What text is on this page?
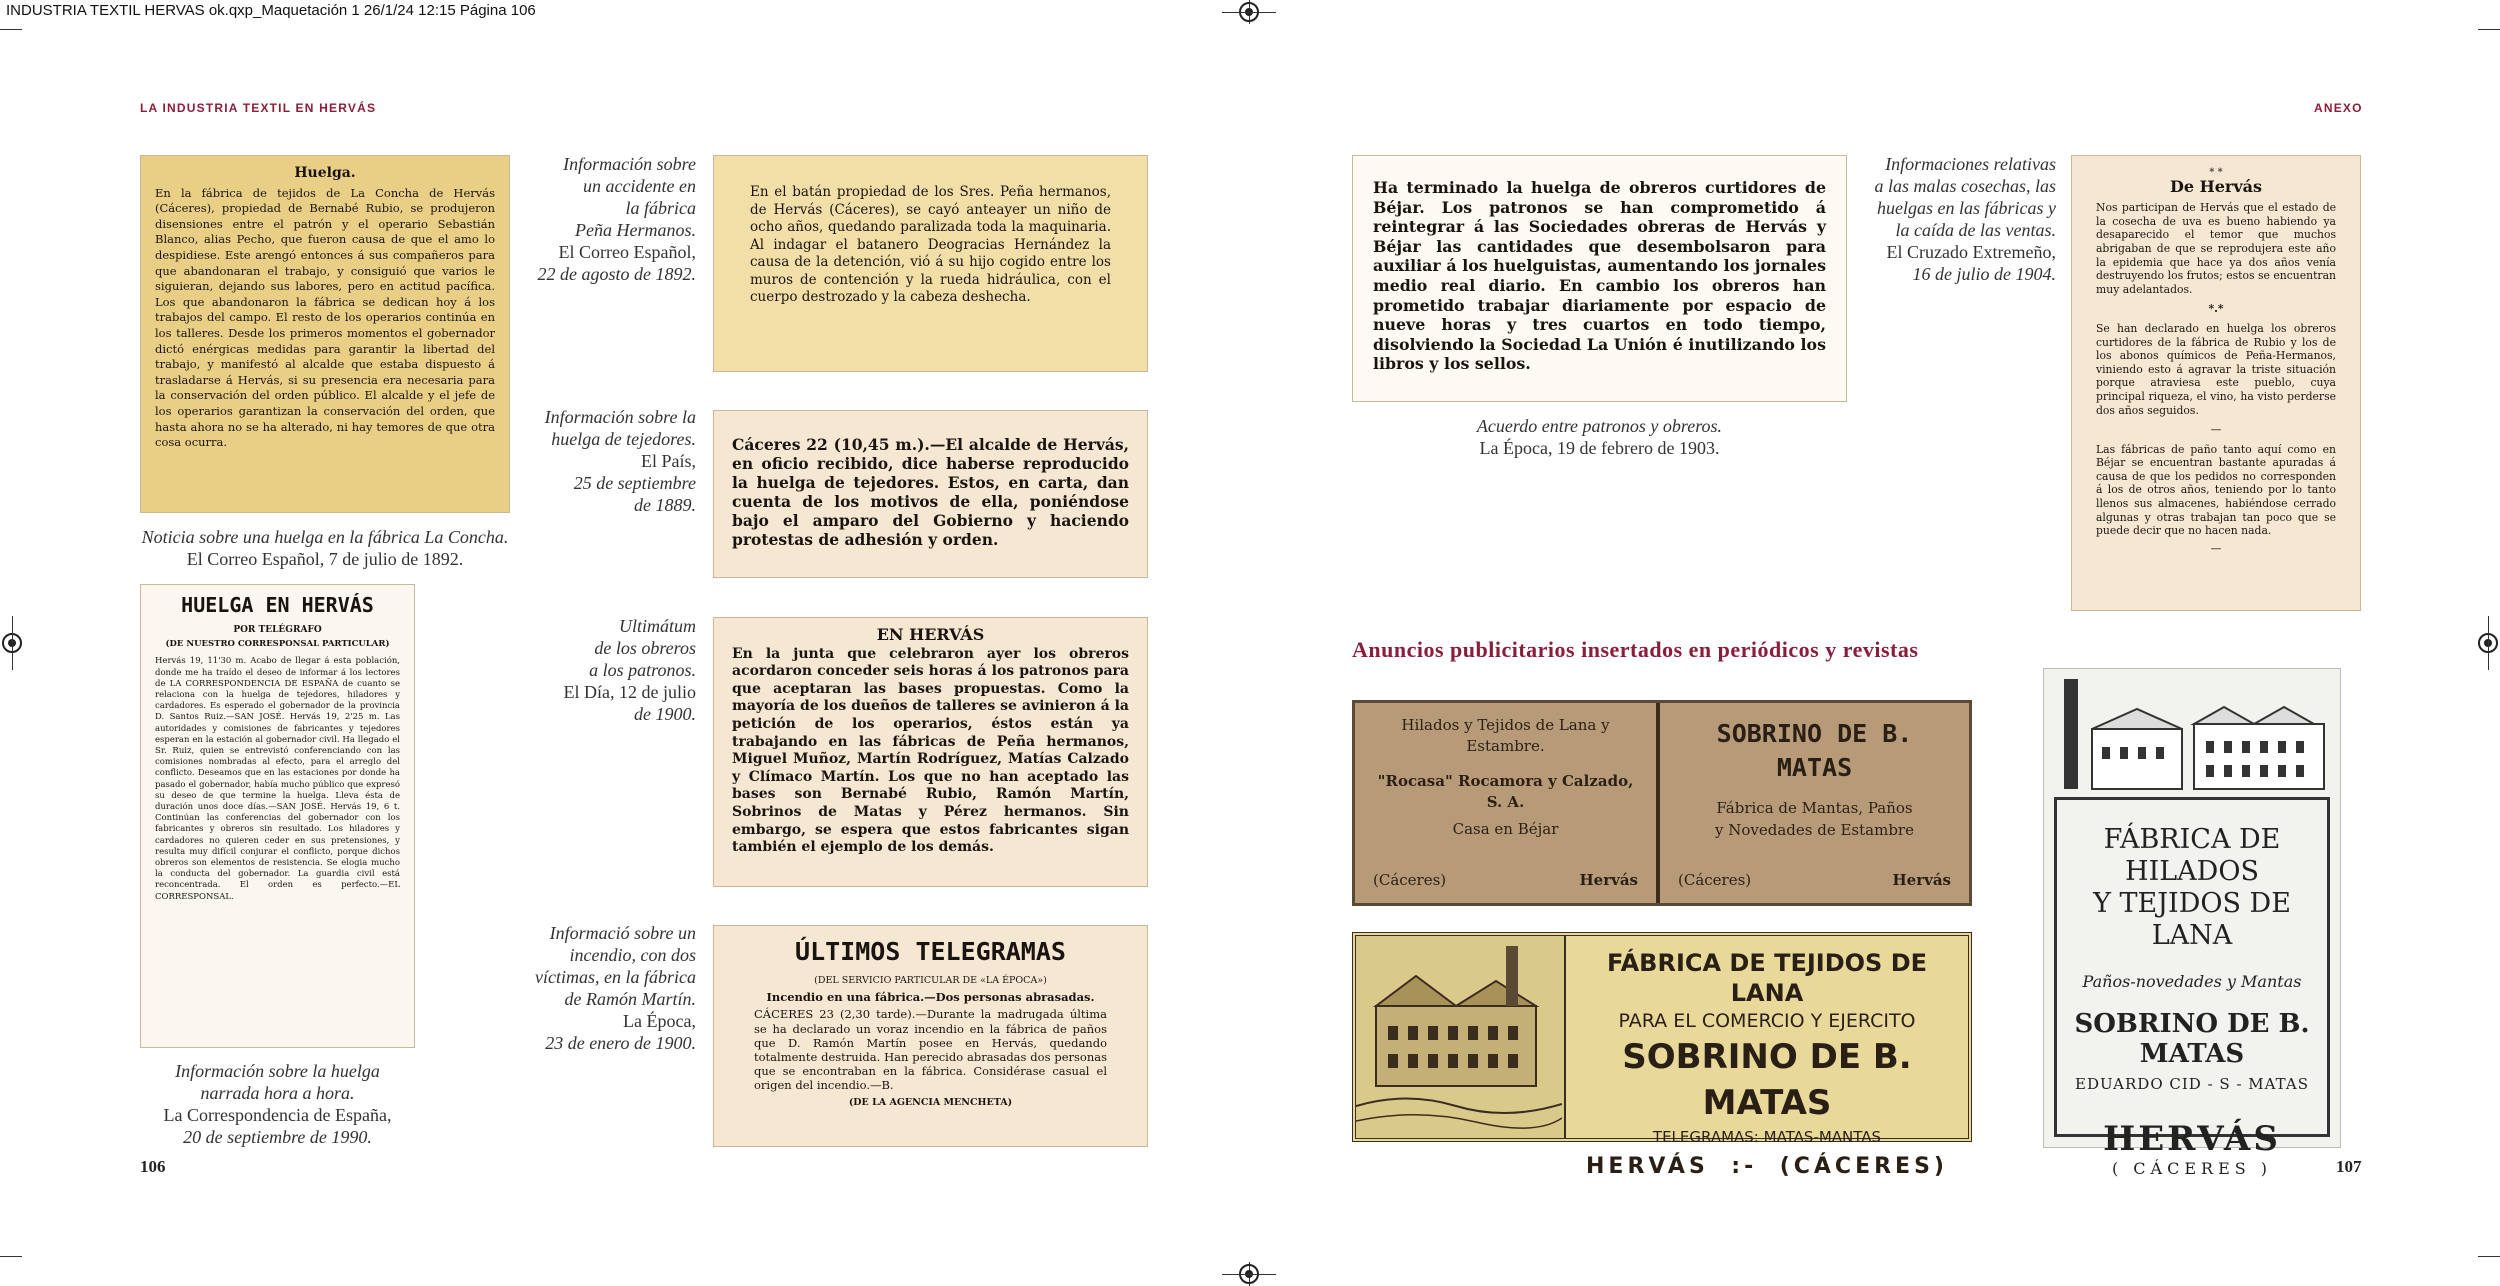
INDUSTRIA TEXTIL HERVAS ok.qxp_Maquetación 1 26/1/24 12:15 Página 106
LA INDUSTRIA TEXTIL EN HERVÁS	ANEXO
106	107
Huelga.

En la fábrica de tejidos de La Concha de Hervás (Cáceres), propiedad de Bernabé Rubio, se produjeron disensiones entre el patrón y el operario Sebastián Blanco, alias Pecho, que fueron causa de que el amo lo despidiese. Este arengó entonces á sus compañeros para que abandonaran el trabajo, y consiguió que varios le siguieran, dejando sus labores, pero en actitud pacífica. Los que abandonaron la fábrica se dedican hoy á los trabajos del campo. El resto de los operarios continúa en los talleres. Desde los primeros momentos el gobernador dictó enérgicas medidas para garantir la libertad del trabajo, y manifestó al alcalde que estaba dispuesto á trasladarse á Hervás, si su presencia era necesaria para la conservación del orden público. El alcalde y el jefe de los operarios garantizan la conservación del orden, que hasta ahora no se ha alterado, ni hay temores de que otra cosa ocurra.

Noticia sobre una huelga en la fábrica La Concha.
El Correo Español, 7 de julio de 1892.
HUELGA EN HERVÁS
POR TELÉGRAFO
(DE NUESTRO CORRESPONSAL PARTICULAR)

Hervás 19, 11'30 m. Acabo de llegar á esta población, donde me ha traído el deseo de informar á los lectores de LA CORRESPONDENCIA DE ESPAÑA de cuanto se relaciona con la huelga de tejedores, hiladores y cardadores. Es esperado el gobernador de la provincia D. Santos Ruiz.—SAN JOSÉ. Hervás 19, 2'25 m. Las autoridades y comisiones de fabricantes y tejedores esperan en la estación al gobernador civil. Ha llegado el Sr. Ruiz, quien se entrevistó conferenciando con las comisiones nombradas al efecto, para el arreglo del conflicto. Deseamos que en las estaciones por donde ha pasado el gobernador, había mucho público que expresó su deseo de que termine la huelga. Lleva ésta de duración unos doce días.—SAN JOSÉ. Hervás 19, 6 t. Continúan las conferencias del gobernador con los fabricantes y obreros sin resultado. Los hiladores y cardadores no quieren ceder en sus pretensiones, y resulta muy difícil conjurar el conflicto, porque dichos obreros son elementos de resistencia. Se elogia mucho la conducta del gobernador. La guardia civil está reconcentrada. El orden es perfecto.—EL CORRESPONSAL.

Información sobre la huelga
narrada hora a hora.
La Correspondencia de España,
20 de septiembre de 1990.
Información sobre
un accidente en
la fábrica
Peña Hermanos.
El Correo Español,
22 de agosto de 1892.

En el batán propiedad de los Sres. Peña hermanos, de Hervás (Cáceres), se cayó anteayer un niño de ocho años, quedando paralizada toda la maquinaria. Al indagar el batanero Deogracias Hernández la causa de la detención, vió á su hijo cogido entre los muros de contención y la rueda hidráulica, con el cuerpo destrozado y la cabeza deshecha.

Información sobre la
huelga de tejedores.
El País,
25 de septiembre
de 1889.

Cáceres 22 (10,45 m.).—El alcalde de Hervás, en oficio recibido, dice haberse reproducido la huelga de tejedores. Estos, en carta, dan cuenta de los motivos de ella, poniéndose bajo el amparo del Gobierno y haciendo protestas de adhesión y orden.

Ultimátum
de los obreros
a los patronos.
El Día, 12 de julio
de 1900.
EN HERVÁS

En la junta que celebraron ayer los obreros acordaron conceder seis horas á los patronos para que aceptaran las bases propuestas. Como la mayoría de los dueños de talleres se avinieron á la petición de los operarios, éstos están ya trabajando en las fábricas de Peña hermanos, Miguel Muñoz, Martín Rodríguez, Matías Calzado y Clímaco Martín. Los que no han aceptado las bases son Bernabé Rubio, Ramón Martín, Sobrinos de Matas y Pérez hermanos. Sin embargo, se espera que estos fabricantes sigan también el ejemplo de los demás.

Informació sobre un
incendio, con dos
víctimas, en la fábrica
de Ramón Martín.
La Época,
23 de enero de 1900.
ÚLTIMOS TELEGRAMAS
(DEL SERVICIO PARTICULAR DE «LA ÉPOCA»)
Incendio en una fábrica.—Dos personas abrasadas.

CÁCERES 23 (2,30 tarde).—Durante la madrugada última se ha declarado un voraz incendio en la fábrica de paños que D. Ramón Martín posee en Hervás, quedando totalmente destruida. Han perecido abrasadas dos personas que se encontraban en la fábrica. Considérase casual el origen del incendio.—B.

(DE LA AGENCIA MENCHETA)

Ha terminado la huelga de obreros curtidores de Béjar. Los patronos se han comprometido á reintegrar á las Sociedades obreras de Hervás y Béjar las cantidades que desembolsaron para auxiliar á los huelguistas, aumentando los jornales medio real diario. En cambio los obreros han prometido trabajar diariamente por espacio de nueve horas y tres cuartos en todo tiempo, disolviendo la Sociedad La Unión é inutilizando los libros y los sellos.

Acuerdo entre patronos y obreros.
La Época, 19 de febrero de 1903.
Informaciones relativas
a las malas cosechas, las
huelgas en las fábricas y
la caída de las ventas.
El Cruzado Extremeño,
16 de julio de 1904.
* *
De Hervás

Nos participan de Hervás que el estado de la cosecha de uva es bueno habiendo ya desaparecido el temor que muchos abrigaban de que se reprodujera este año la epidemia que hace ya dos años venía destruyendo los frutos; estos se encuentran muy adelantados.

*.*

Se han declarado en huelga los obreros curtidores de la fábrica de Rubio y los de los abonos químicos de Peña-Hermanos, viniendo esto á agravar la triste situación porque atraviesa este pueblo, cuya principal riqueza, el vino, ha visto perderse dos años seguidos.

—

Las fábricas de paño tanto aquí como en Béjar se encuentran bastante apuradas á causa de que los pedidos no corresponden á los de otros años, teniendo por lo tanto llenos sus almacenes, habiéndose cerrado algunas y otras trabajan tan poco que se puede decir que no hacen nada.

—
Anuncios publicitarios insertados en periódicos y revistas
Hilados y Tejidos de Lana y
Estambre.
"Rocasa" Rocamora y Calzado, S. A.
Casa en Béjar
(Cáceres)	Hervás
SOBRINO DE B. MATAS
Fábrica de Mantas, Paños
y Novedades de Estambre
(Cáceres)	Hervás
FÁBRICA DE TEJIDOS DE LANA
PARA EL COMERCIO Y EJERCITO
SOBRINO DE B. MATAS
TELEGRAMAS: MATAS-MANTAS
HERVÁS :- (CÁCERES)
FÁBRICA DE HILADOS
Y TEJIDOS DE LANA
Paños-novedades y Mantas
SOBRINO DE B. MATAS
EDUARDO CID - S - MATAS
HERVÁS
( CÁCERES )
